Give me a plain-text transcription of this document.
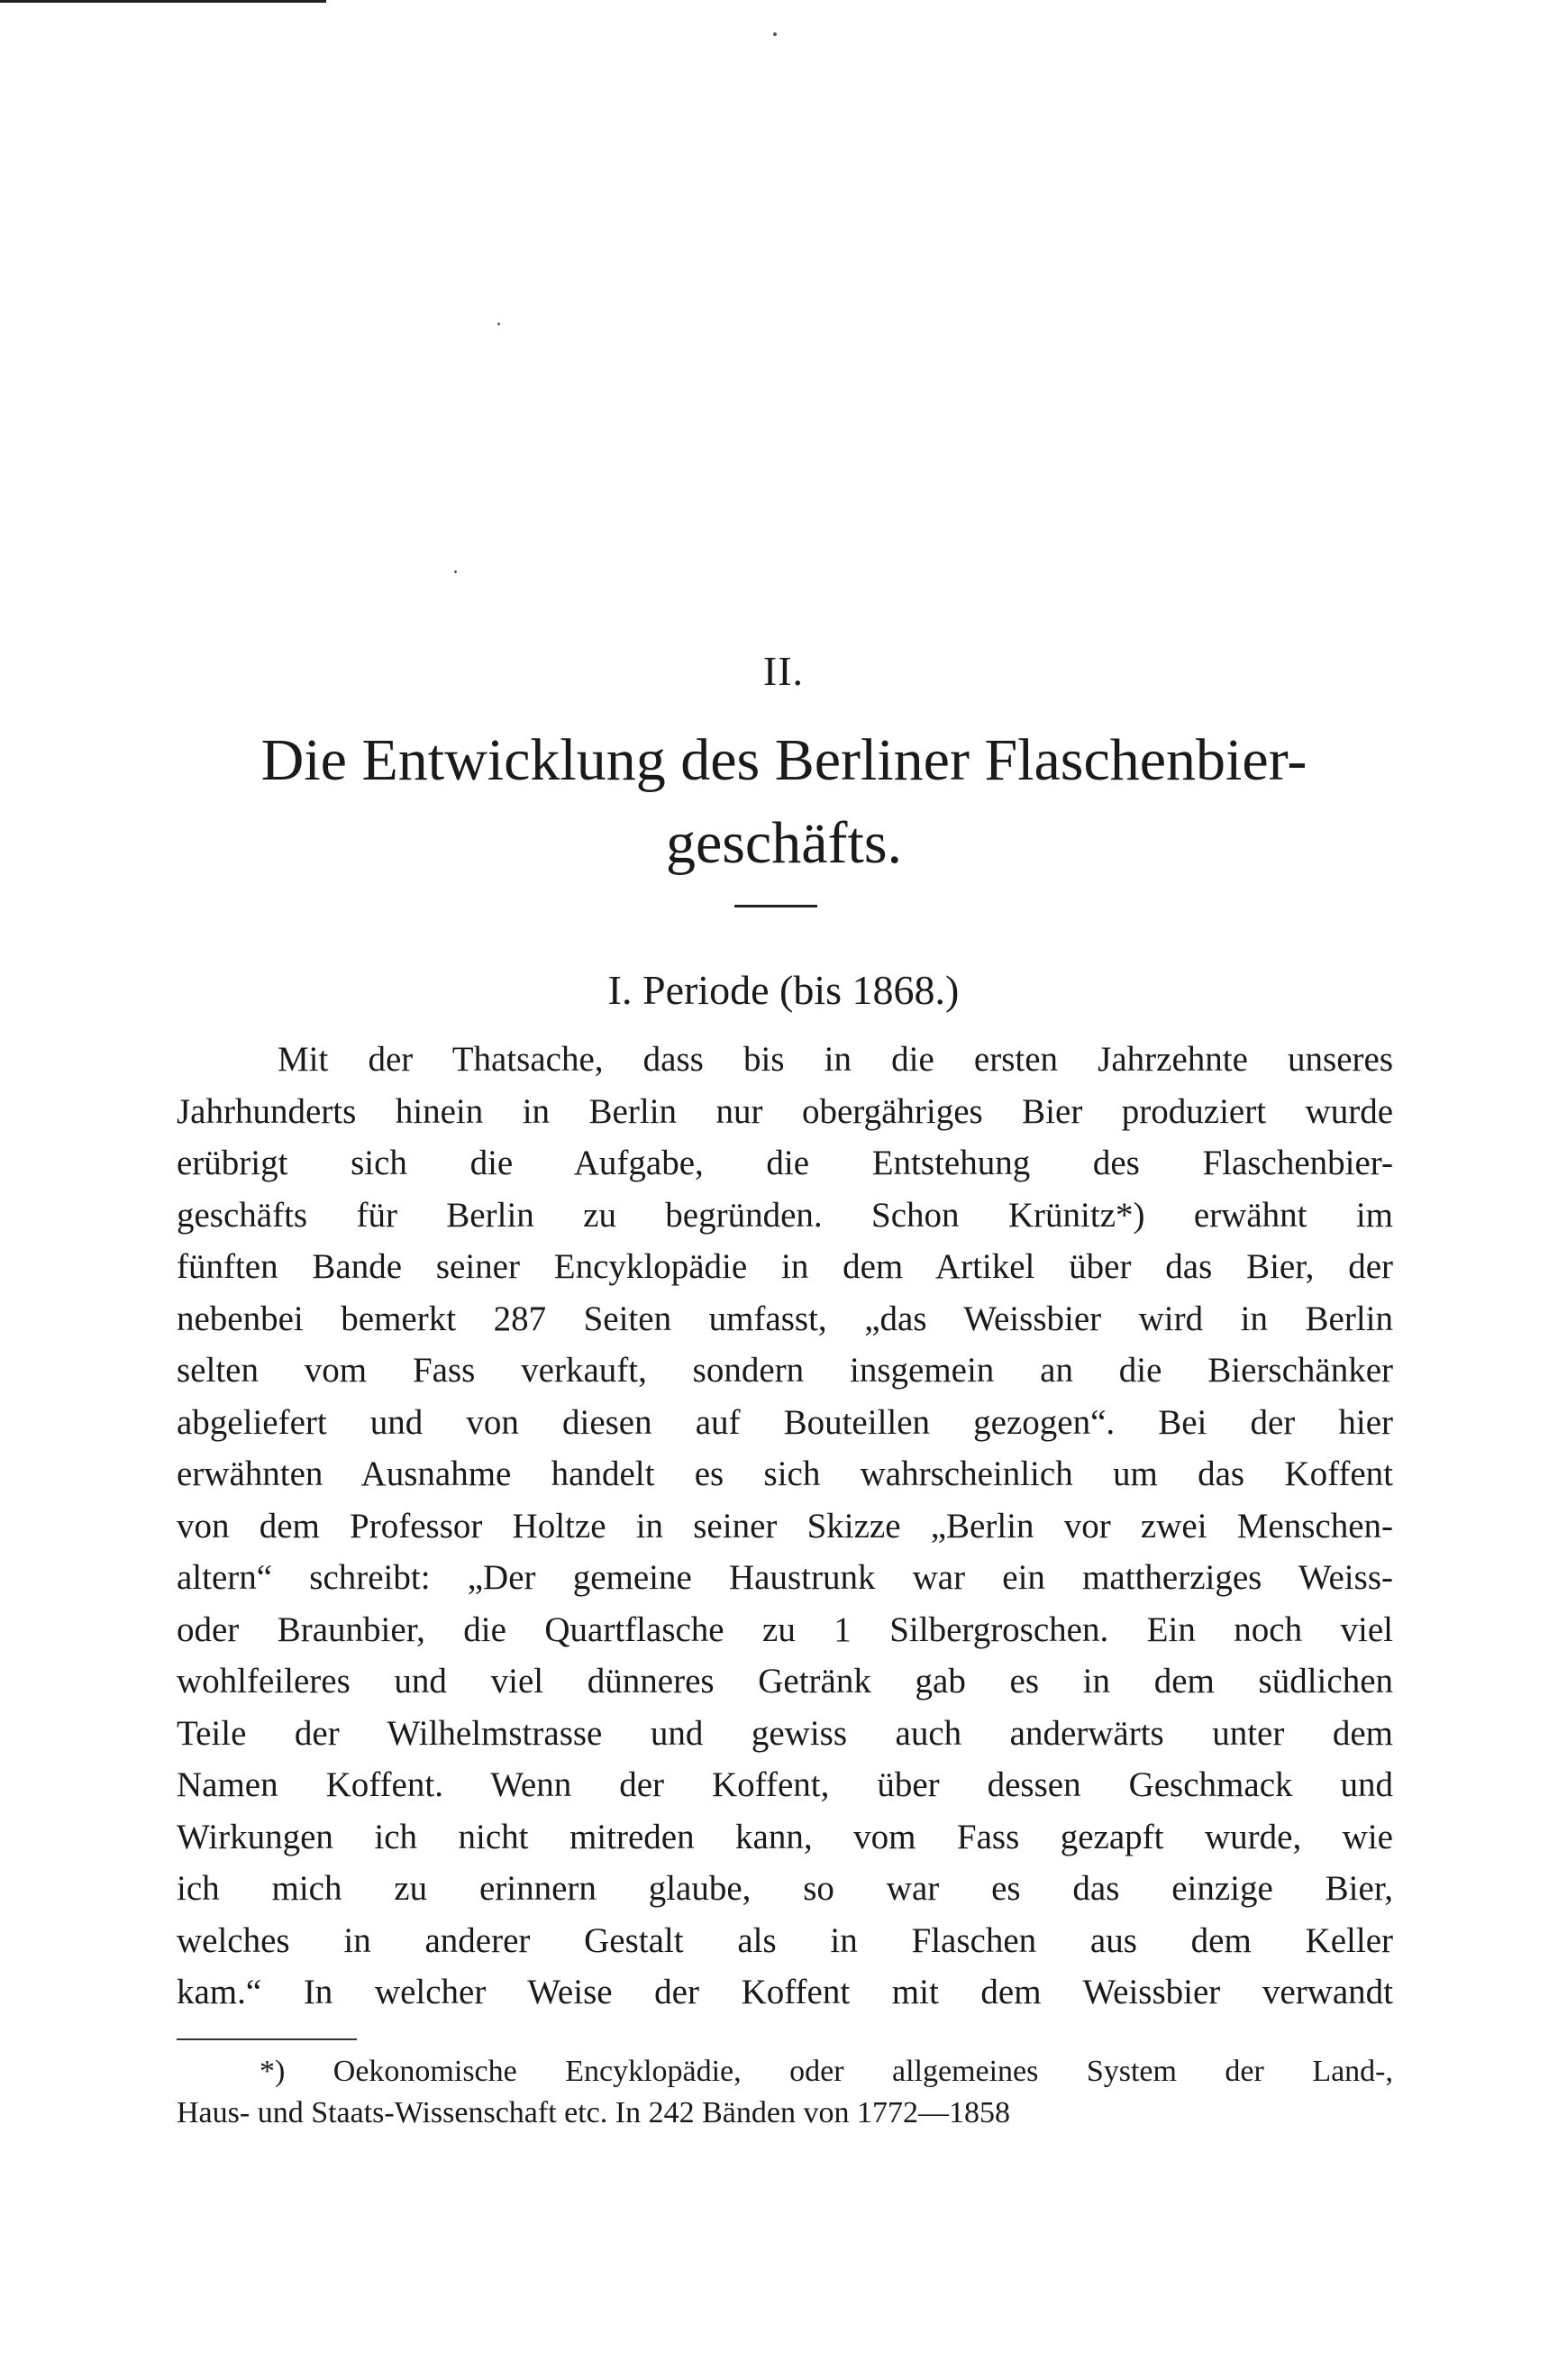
II.
Die Entwicklung des Berliner Flaschenbier-
geschäfts.
I. Periode (bis 1868.)
Mit der Thatsache, dass bis in die ersten Jahrzehnte unseres
Jahrhunderts hinein in Berlin nur obergähriges Bier produziert wurde
erübrigt sich die Aufgabe, die Entstehung des Flaschenbier-
geschäfts für Berlin zu begründen. Schon Krünitz*) erwähnt im
fünften Bande seiner Encyklopädie in dem Artikel über das Bier, der
nebenbei bemerkt 287 Seiten umfasst, „das Weissbier wird in Berlin
selten vom Fass verkauft, sondern insgemein an die Bierschänker
abgeliefert und von diesen auf Bouteillen gezogen“. Bei der hier
erwähnten Ausnahme handelt es sich wahrscheinlich um das Koffent
von dem Professor Holtze in seiner Skizze „Berlin vor zwei Menschen-
altern“ schreibt: „Der gemeine Haustrunk war ein mattherziges Weiss-
oder Braunbier, die Quartflasche zu 1 Silbergroschen. Ein noch viel
wohlfeileres und viel dünneres Getränk gab es in dem südlichen
Teile der Wilhelmstrasse und gewiss auch anderwärts unter dem
Namen Koffent. Wenn der Koffent, über dessen Geschmack und
Wirkungen ich nicht mitreden kann, vom Fass gezapft wurde, wie
ich mich zu erinnern glaube, so war es das einzige Bier,
welches in anderer Gestalt als in Flaschen aus dem Keller
kam.“ In welcher Weise der Koffent mit dem Weissbier verwandt
*) Oekonomische Encyklopädie, oder allgemeines System der Land-,
Haus- und Staats-Wissenschaft etc. In 242 Bänden von 1772—1858
